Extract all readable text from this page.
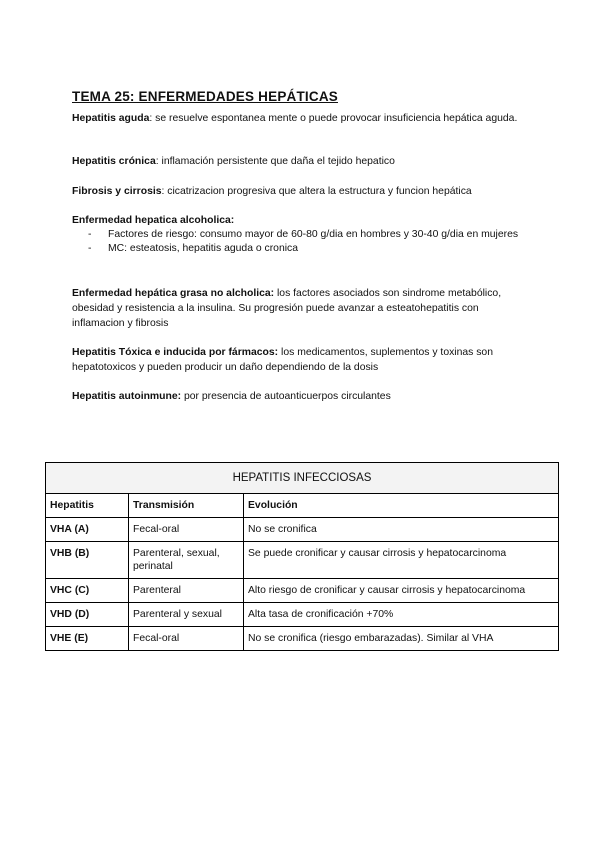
TEMA 25: ENFERMEDADES HEPÁTICAS
Hepatitis aguda: se resuelve espontanea mente o puede provocar insuficiencia hepática aguda.
Hepatitis crónica: inflamación persistente que daña el tejido hepatico
Fibrosis y cirrosis: cicatrizacion progresiva que altera la estructura y funcion hepática
Enfermedad hepatica alcoholica:
- Factores de riesgo: consumo mayor de 60-80 g/dia en hombres y 30-40 g/dia en mujeres
- MC: esteatosis, hepatitis aguda o cronica
Enfermedad hepática grasa no alcholica: los factores asociados son sindrome metabólico, obesidad y resistencia a la insulina. Su progresión puede avanzar a esteatohepatitis con inflamacion y fibrosis
Hepatitis Tóxica e inducida por fármacos: los medicamentos, suplementos y toxinas son hepatotoxicos y pueden producir un daño dependiendo de la dosis
Hepatitis autoinmune: por presencia de autoanticuerpos circulantes
HEPATITIS INFECCIOSAS		
Hepatitis	Transmisión	Evolución
VHA (A)	Fecal-oral	No se cronifica
VHB (B)	Parenteral, sexual, perinatal	Se puede cronificar y causar cirrosis y hepatocarcinoma
VHC (C)	Parenteral	Alto riesgo de cronificar y causar cirrosis y hepatocarcinoma
VHD (D)	Parenteral y sexual	Alta tasa de cronificación +70%
VHE (E)	Fecal-oral	No se cronifica (riesgo embarazadas). Similar al VHA
